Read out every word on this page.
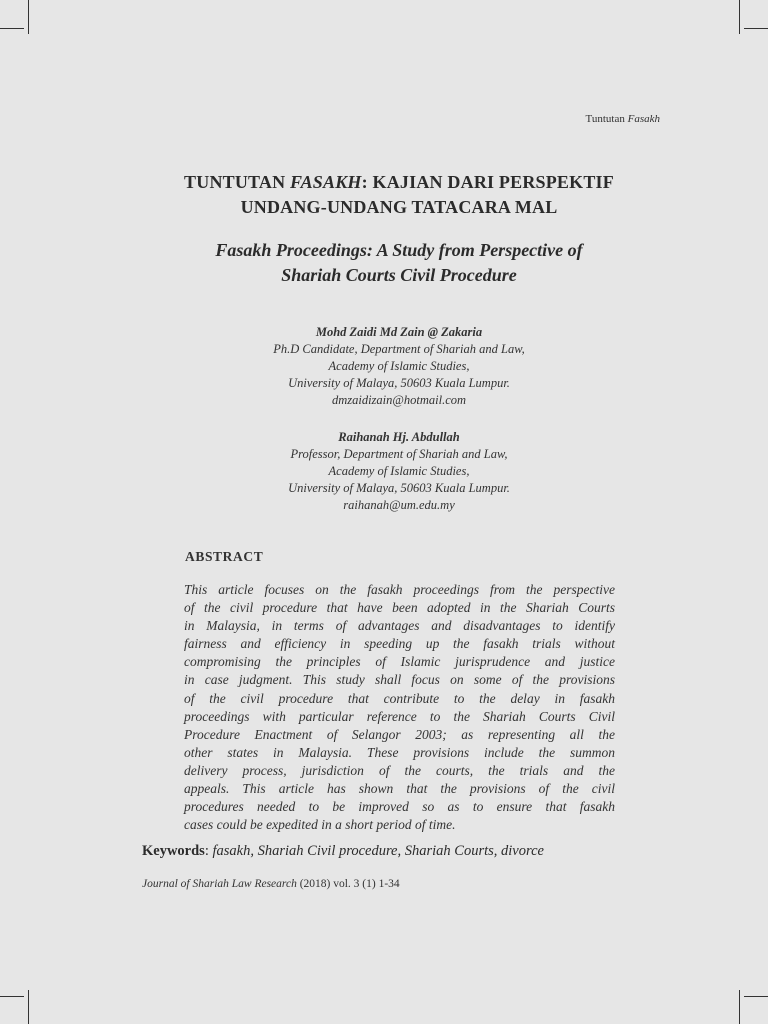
Tuntutan Fasakh
TUNTUTAN FASAKH: KAJIAN DARI PERSPEKTIF
UNDANG-UNDANG TATACARA MAL
Fasakh Proceedings: A Study from Perspective of
Shariah Courts Civil Procedure
Mohd Zaidi Md Zain @ Zakaria
Ph.D Candidate, Department of Shariah and Law,
Academy of Islamic Studies,
University of Malaya, 50603 Kuala Lumpur.
dmzaidizain@hotmail.com
Raihanah Hj. Abdullah
Professor, Department of Shariah and Law,
Academy of Islamic Studies,
University of Malaya, 50603 Kuala Lumpur.
raihanah@um.edu.my
ABSTRACT
This article focuses on the fasakh proceedings from the perspective
of the civil procedure that have been adopted in the Shariah Courts
in Malaysia, in terms of advantages and disadvantages to identify
fairness and efficiency in speeding up the fasakh trials without
compromising the principles of Islamic jurisprudence and justice
in case judgment. This study shall focus on some of the provisions
of the civil procedure that contribute to the delay in fasakh
proceedings with particular reference to the Shariah Courts Civil
Procedure Enactment of Selangor 2003; as representing all the
other states in Malaysia. These provisions include the summon
delivery process, jurisdiction of the courts, the trials and the
appeals. This article has shown that the provisions of the civil
procedures needed to be improved so as to ensure that fasakh
cases could be expedited in a short period of time.
Keywords: fasakh, Shariah Civil procedure, Shariah Courts, divorce
Journal of Shariah Law Research (2018) vol. 3 (1) 1-34
